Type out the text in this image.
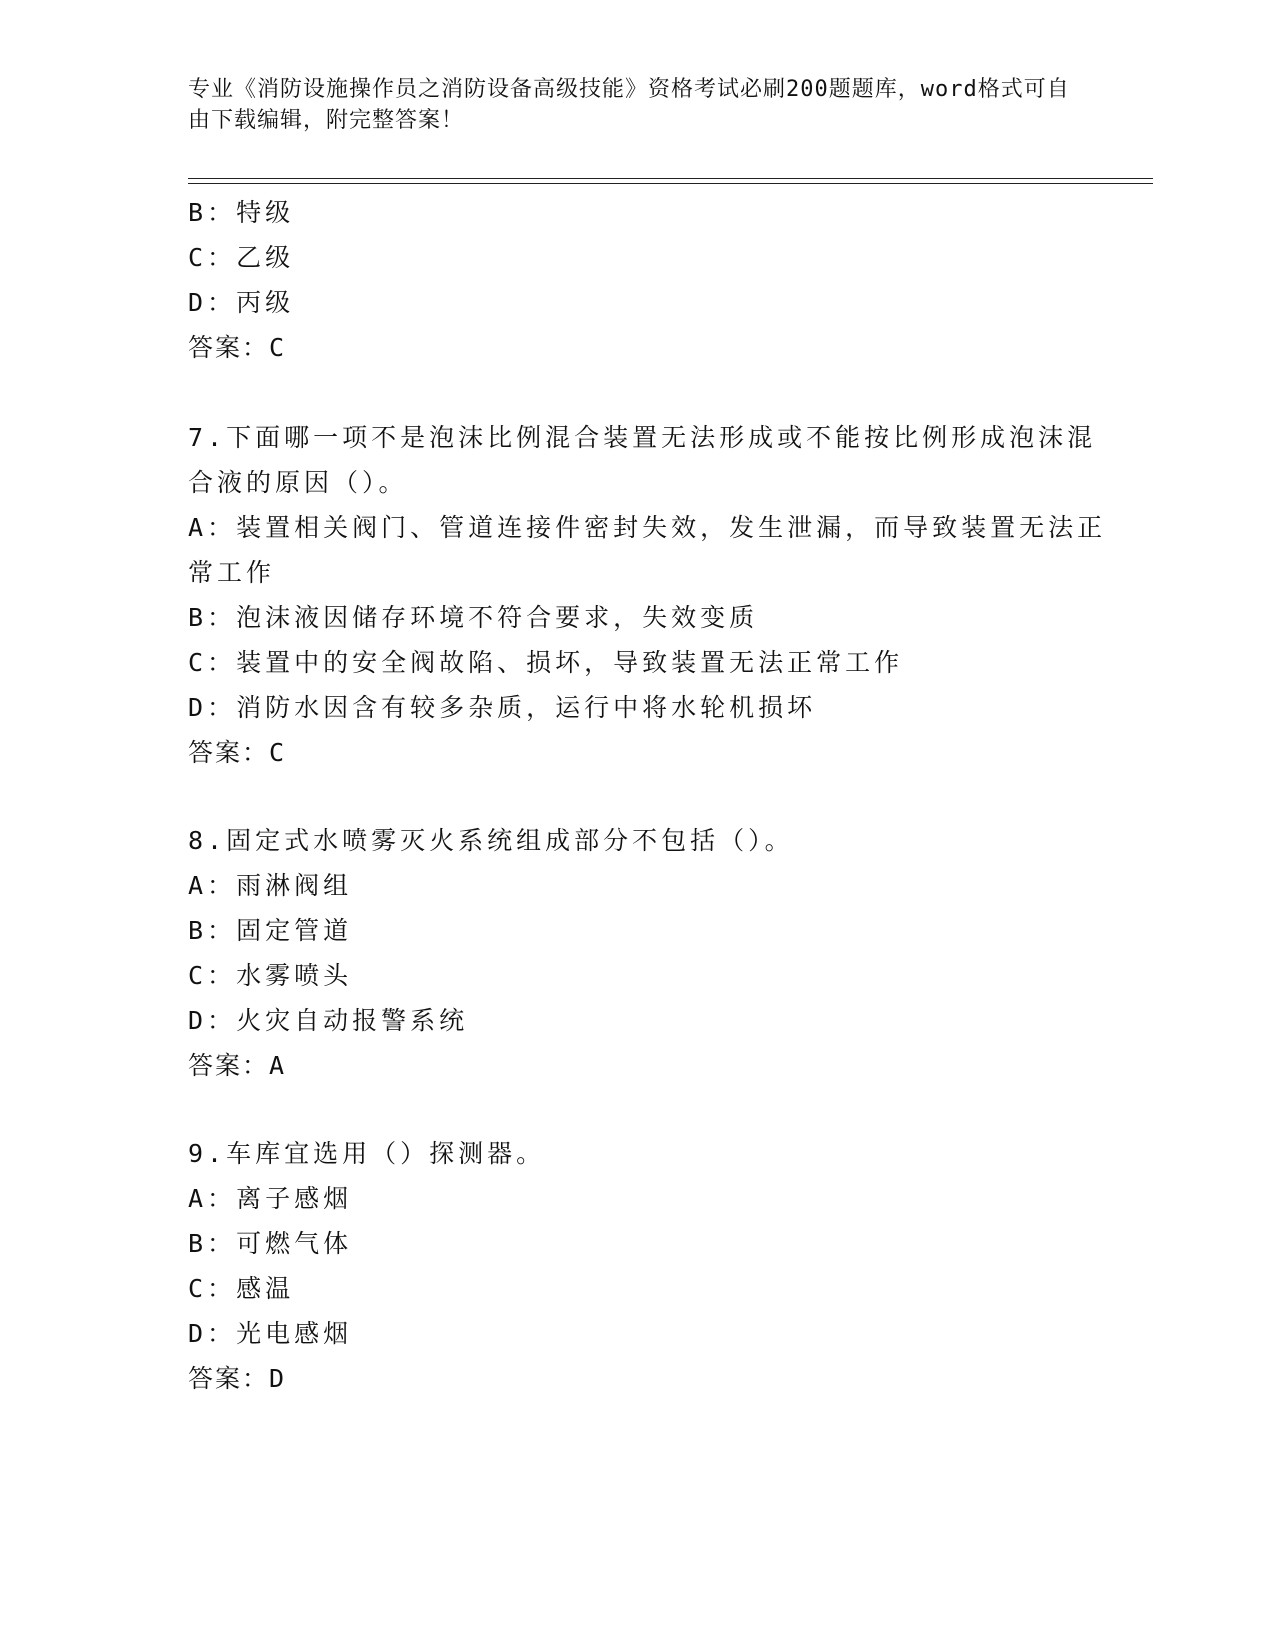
专业《消防设施操作员之消防设备高级技能》资格考试必刷200题题库，word格式可自由下载编辑，附完整答案！
B：特级
C：乙级
D：丙级
答案：C
7.下面哪一项不是泡沫比例混合装置无法形成或不能按比例形成泡沫混合液的原因（）。
A：装置相关阀门、管道连接件密封失效，发生泄漏，而导致装置无法正常工作
B：泡沫液因储存环境不符合要求，失效变质
C：装置中的安全阀故陷、损坏，导致装置无法正常工作
D：消防水因含有较多杂质，运行中将水轮机损坏
答案：C
8.固定式水喷雾灭火系统组成部分不包括（）。
A：雨淋阀组
B：固定管道
C：水雾喷头
D：火灾自动报警系统
答案：A
9.车库宜选用（）探测器。
A：离子感烟
B：可燃气体
C：感温
D：光电感烟
答案：D
